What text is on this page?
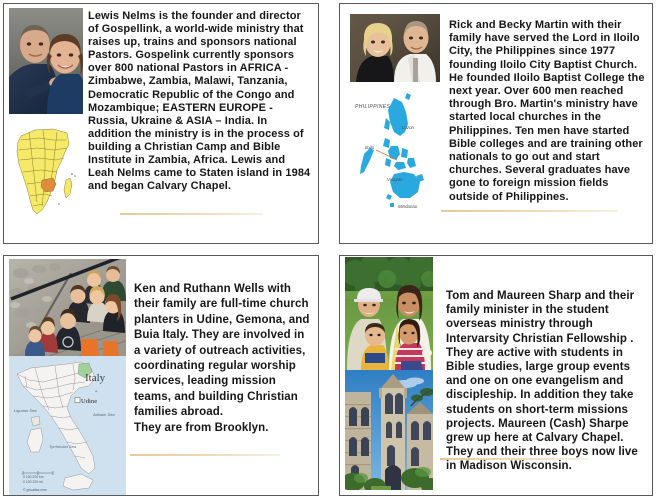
Lewis Nelms is the founder and director of Gospellink, a world-wide ministry that raises up, trains and sponsors national Pastors. Gospelink currently sponsors over 800 national Pastors in AFRICA - Zimbabwe, Zambia, Malawi, Tanzania, Democratic Republic of the Congo and Mozambique; EASTERN EUROPE - Russia, Ukraine & ASIA – India. In addition the ministry is in the process of building a Christian Camp and Bible Institute in Zambia, Africa. Lewis and Leah Nelms came to Staten island in 1984 and began Calvary Chapel.

PHILIPPINES
Luzon
Iloilo
Visayas
Mindanao

Rick and Becky Martin with their family have served the Lord in Iloilo City, the Philippines since 1977 founding Iloilo City Baptist Church. He founded Iloilo Baptist College the next year. Over 600 men reached through Bro. Martin's ministry have started local churches in the Philippines. Ten men have started Bible colleges and are training other nationals to go out and start churches. Several graduates have gone to foreign mission fields outside of Philippines.

Italy
Udine
Ligurian Sea
Adriatic Sea
Tyrrhenian Sea
0 100 200 km
0 100 200 mi
© geoatlas.com
◈

Ken and Ruthann Wells with their family are full-time church planters in Udine, Gemona, and Buia Italy. They are involved in a variety of outreach activities, coordinating regular worship services, leading mission teams, and building Christian families abroad.

They are from Brooklyn.

Tom and Maureen Sharp and their family minister in the student overseas ministry through Intervarsity Christian Fellowship . They are active with students in Bible studies, large group events and one on one evangelism and discipleship. In addition they take students on short-term missions projects. Maureen (Cash) Sharpe grew up here at Calvary Chapel. They and their three boys now live in Madison Wisconsin.
